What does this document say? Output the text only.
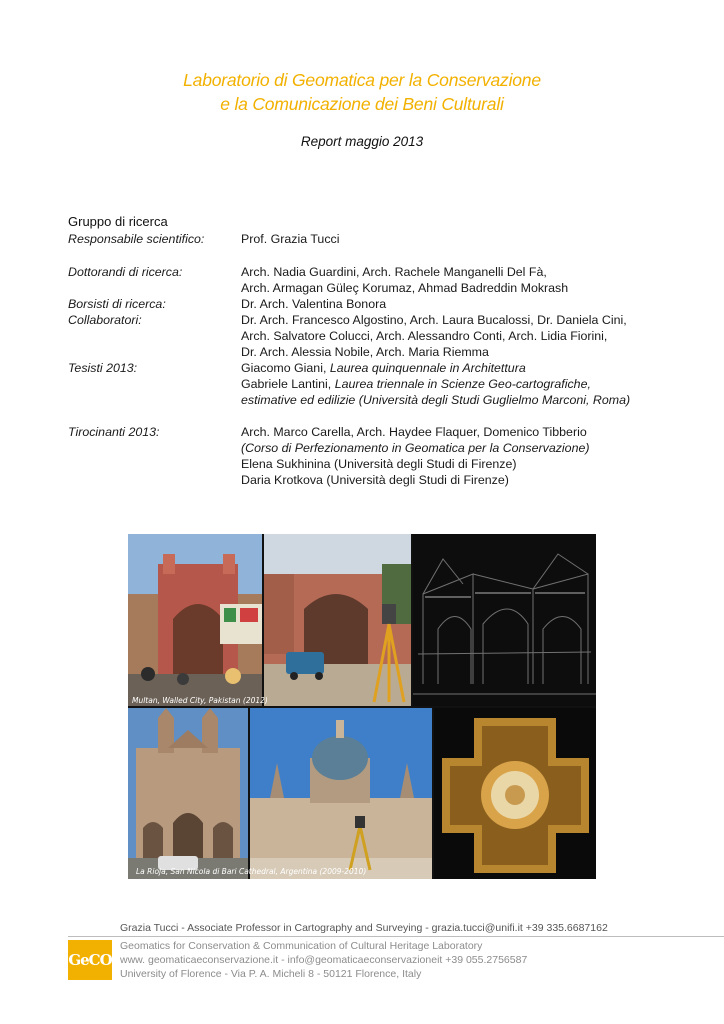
Laboratorio di Geomatica per la Conservazione
e la Comunicazione dei Beni Culturali
Report maggio 2013
Gruppo di ricerca
Responsabile scientifico:	Prof. Grazia Tucci
Dottorandi di ricerca:	Arch. Nadia Guardini, Arch. Rachele Manganelli Del Fà,
Arch. Armagan Güleç Korumaz, Ahmad Badreddin Mokrash
Borsisti di ricerca:	Dr. Arch. Valentina Bonora
Collaboratori:	Dr. Arch. Francesco Algostino, Arch. Laura Bucalossi, Dr. Daniela Cini,
Arch. Salvatore Colucci, Arch. Alessandro Conti, Arch. Lidia Fiorini,
Dr. Arch. Alessia Nobile, Arch. Maria Riemma
Tesisti 2013:	Giacomo Giani, Laurea quinquennale in Architettura
Gabriele Lantini, Laurea triennale in Scienze Geo-cartografiche,
estimative ed edilizie (Università degli Studi Guglielmo Marconi, Roma)
Tirocinanti 2013:	Arch. Marco Carella, Arch. Haydee Flaquer, Domenico Tibberio
(Corso di Perfezionamento in Geomatica per la Conservazione)
Elena Sukhinina (Università degli Studi di Firenze)
Daria Krotkova (Università degli Studi di Firenze)
Multan, Walled City, Pakistan (2012)
La Rioja, San Nicola di Bari Cathedral, Argentina (2009-2010)
Grazia Tucci - Associate Professor in Cartography and Surveying - grazia.tucci@unifi.it +39 335.6687162
GeCO
Geomatics for Conservation & Communication of Cultural Heritage Laboratory
www. geomaticaeconservazione.it - info@geomaticaeconservazioneit +39 055.2756587
University of Florence - Via P. A. Micheli 8 - 50121 Florence, Italy
